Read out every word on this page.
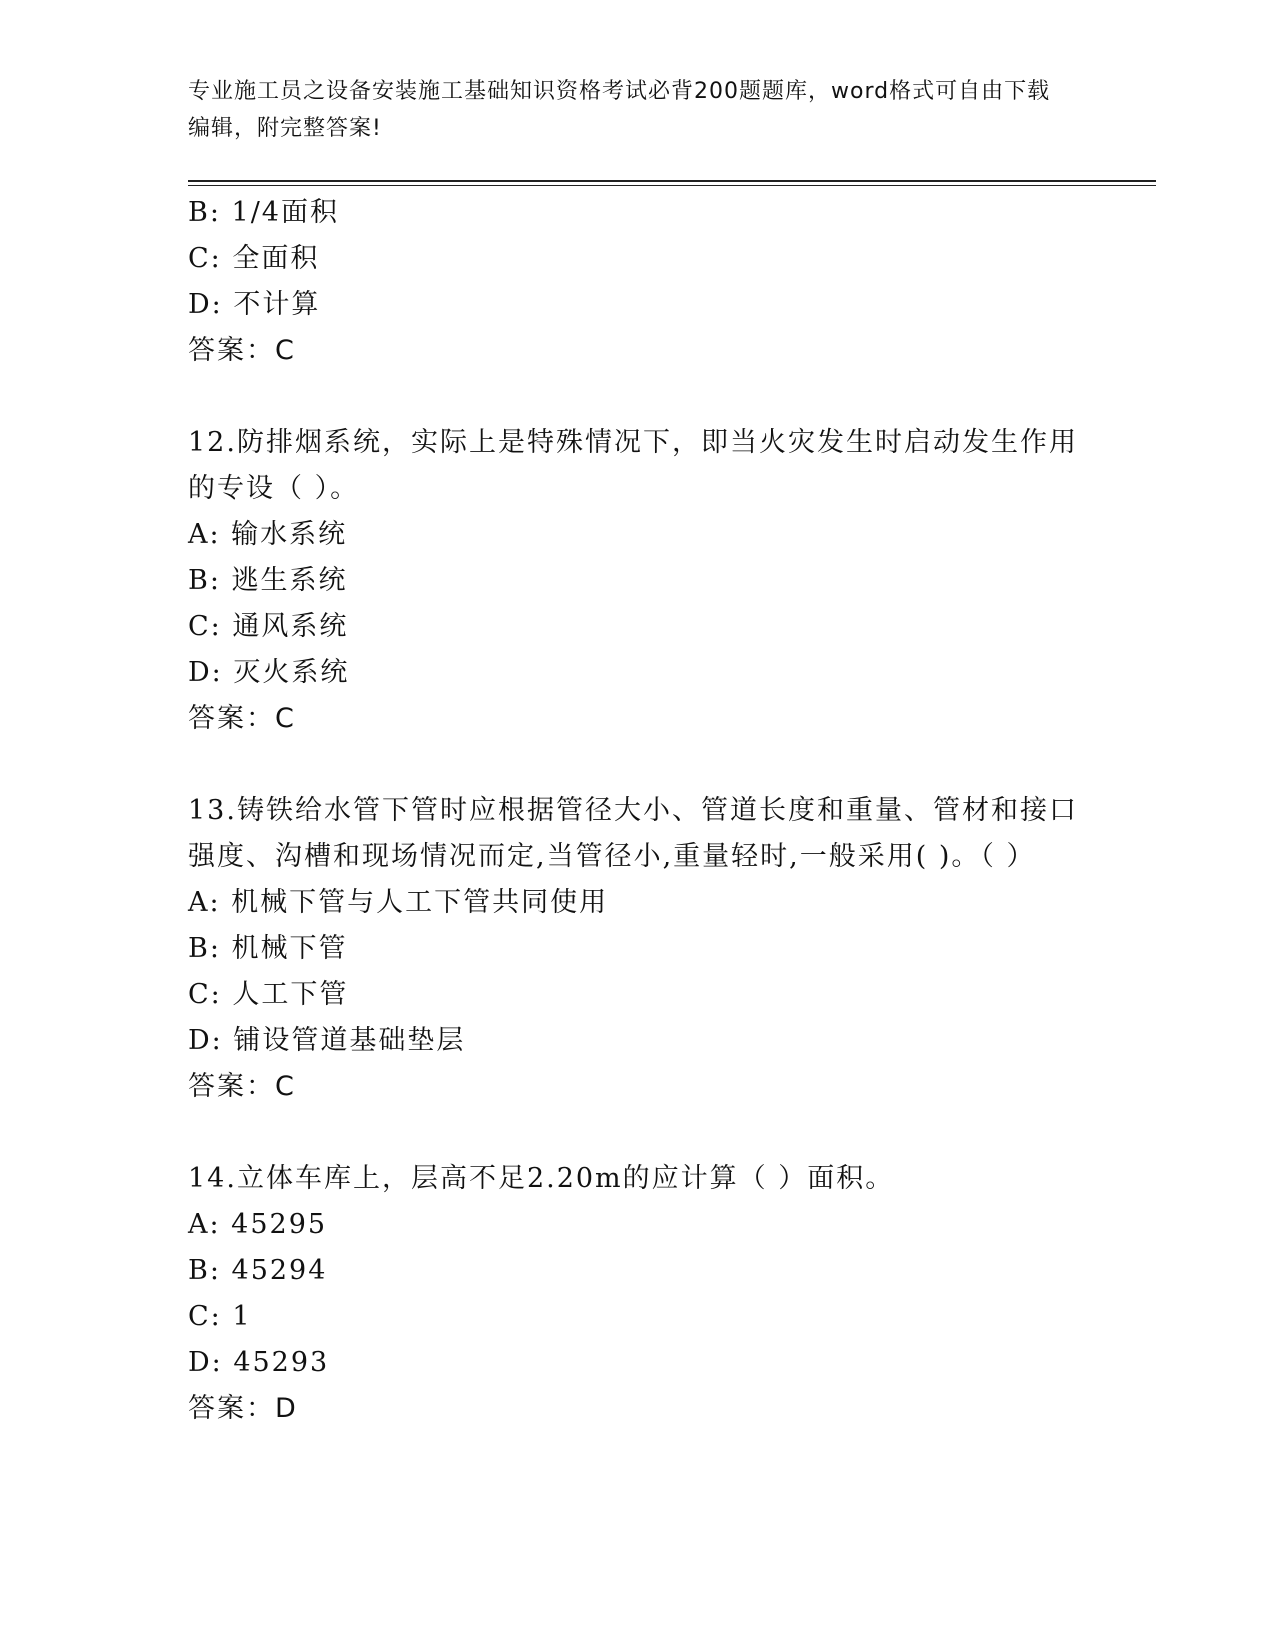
专业施工员之设备安装施工基础知识资格考试必背200题题库，word格式可自由下载编辑，附完整答案!
B: 1/4面积
C: 全面积
D: 不计算
答案：C
12.防排烟系统，实际上是特殊情况下，即当火灾发生时启动发生作用的专设（ ）。
A: 输水系统
B: 逃生系统
C: 通风系统
D: 灭火系统
答案：C
13.铸铁给水管下管时应根据管径大小、管道长度和重量、管材和接口强度、沟槽和现场情况而定,当管径小,重量轻时,一般采用( )。（ ）
A: 机械下管与人工下管共同使用
B: 机械下管
C: 人工下管
D: 铺设管道基础垫层
答案：C
14.立体车库上，层高不足2.20m的应计算（ ）面积。
A: 45295
B: 45294
C: 1
D: 45293
答案：D
